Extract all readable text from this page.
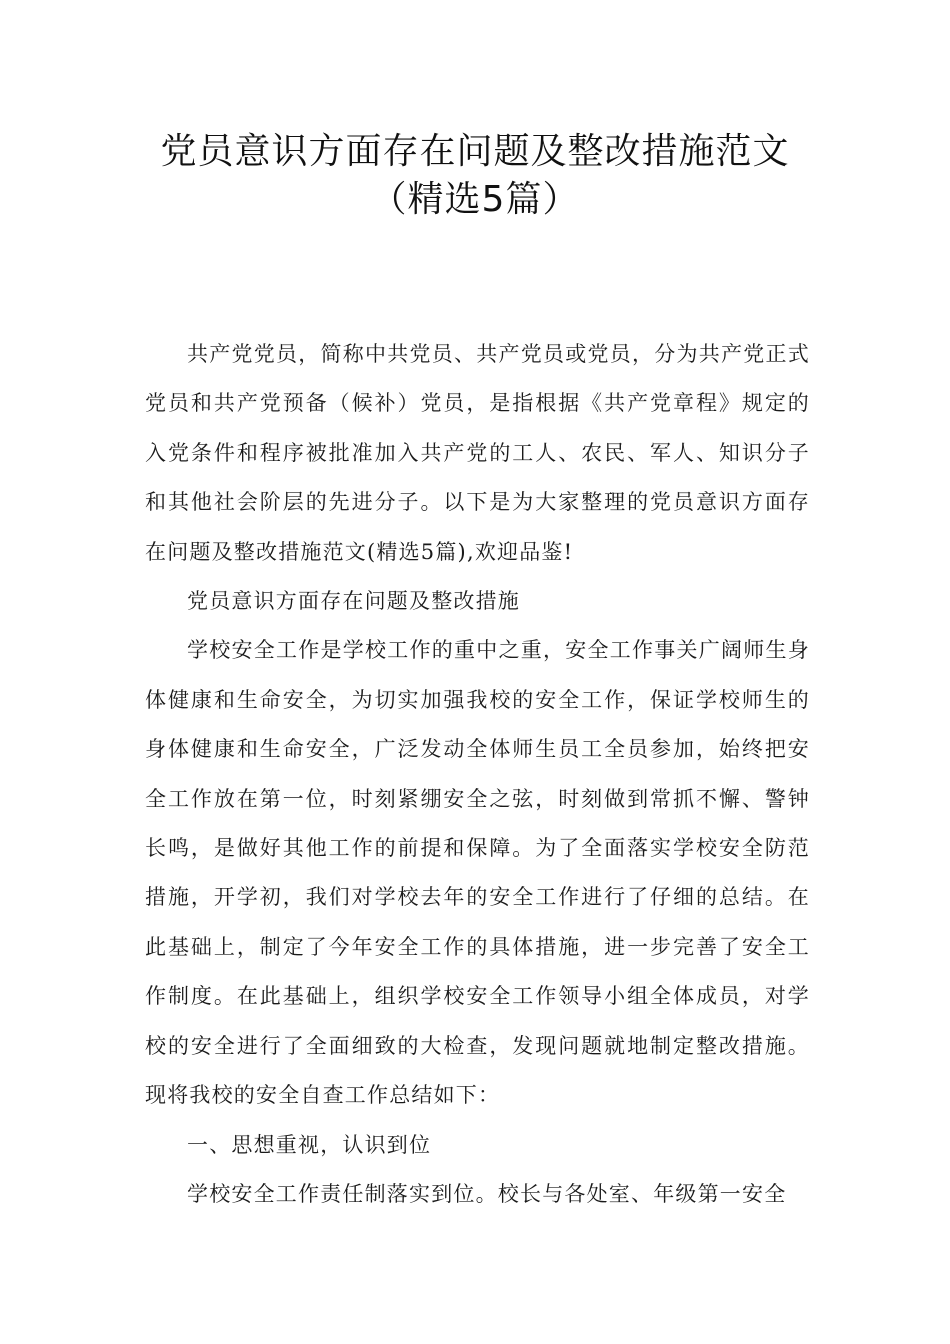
党员意识方面存在问题及整改措施范文
（精选5篇）

共产党党员，简称中共党员、共产党员或党员，分为共产党正式党员和共产党预备（候补）党员，是指根据《共产党章程》规定的入党条件和程序被批准加入共产党的工人、农民、军人、知识分子和其他社会阶层的先进分子。以下是为大家整理的党员意识方面存在问题及整改措施范文(精选5篇),欢迎品鉴!

党员意识方面存在问题及整改措施

学校安全工作是学校工作的重中之重，安全工作事关广阔师生身体健康和生命安全，为切实加强我校的安全工作，保证学校师生的身体健康和生命安全，广泛发动全体师生员工全员参加，始终把安全工作放在第一位，时刻紧绷安全之弦，时刻做到常抓不懈、警钟长鸣，是做好其他工作的前提和保障。为了全面落实学校安全防范措施，开学初，我们对学校去年的安全工作进行了仔细的总结。在此基础上，制定了今年安全工作的具体措施，进一步完善了安全工作制度。在此基础上，组织学校安全工作领导小组全体成员，对学校的安全进行了全面细致的大检查，发现问题就地制定整改措施。现将我校的安全自查工作总结如下：

一、思想重视，认识到位

学校安全工作责任制落实到位。校长与各处室、年级第一安全
